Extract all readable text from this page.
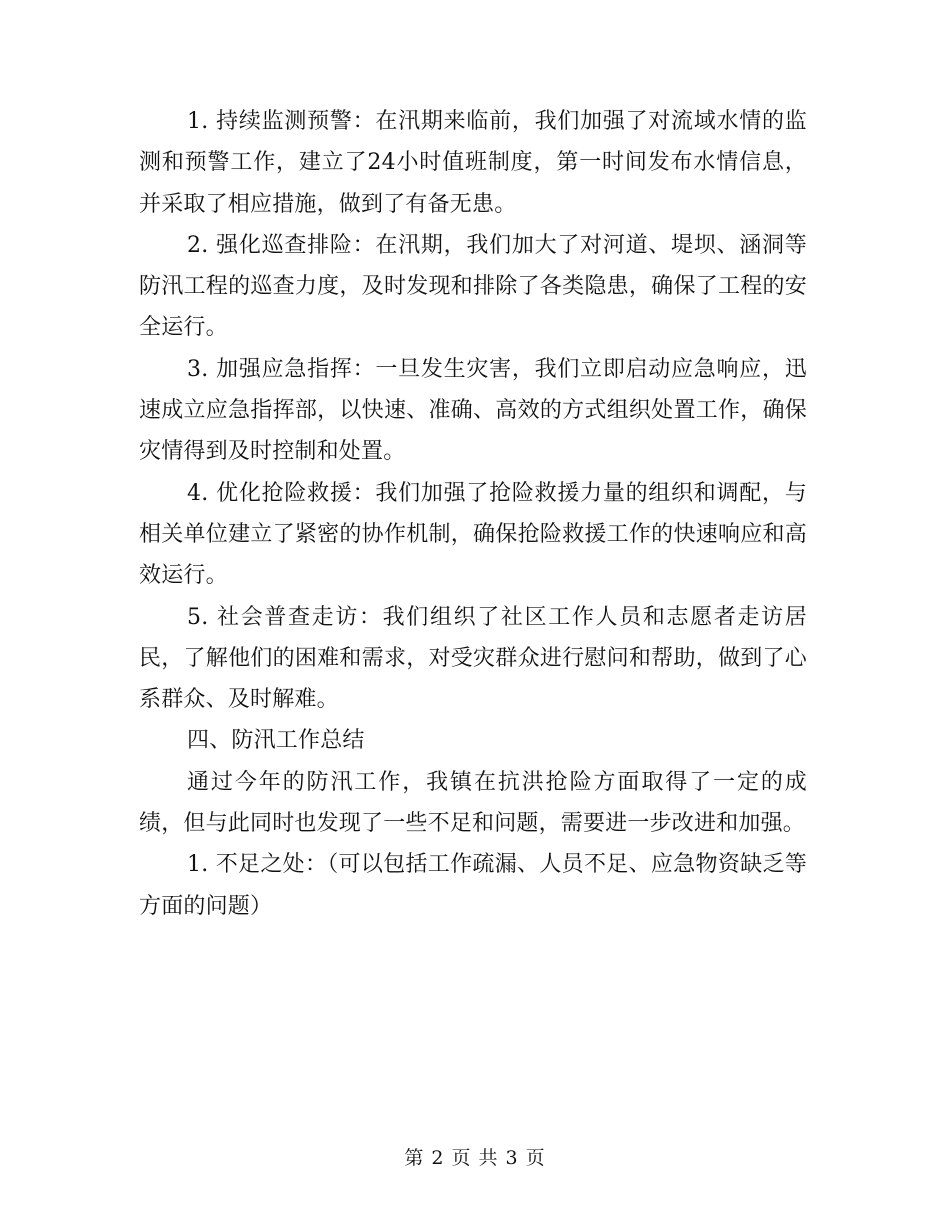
1. 持续监测预警：在汛期来临前，我们加强了对流域水情的监测和预警工作，建立了24小时值班制度，第一时间发布水情信息，并采取了相应措施，做到了有备无患。

2. 强化巡查排险：在汛期，我们加大了对河道、堤坝、涵洞等防汛工程的巡查力度，及时发现和排除了各类隐患，确保了工程的安全运行。

3. 加强应急指挥：一旦发生灾害，我们立即启动应急响应，迅速成立应急指挥部，以快速、准确、高效的方式组织处置工作，确保灾情得到及时控制和处置。

4. 优化抢险救援：我们加强了抢险救援力量的组织和调配，与相关单位建立了紧密的协作机制，确保抢险救援工作的快速响应和高效运行。

5. 社会普查走访：我们组织了社区工作人员和志愿者走访居民，了解他们的困难和需求，对受灾群众进行慰问和帮助，做到了心系群众、及时解难。

四、防汛工作总结

通过今年的防汛工作，我镇在抗洪抢险方面取得了一定的成绩，但与此同时也发现了一些不足和问题，需要进一步改进和加强。

1. 不足之处：（可以包括工作疏漏、人员不足、应急物资缺乏等方面的问题）

第 2 页 共 3 页
